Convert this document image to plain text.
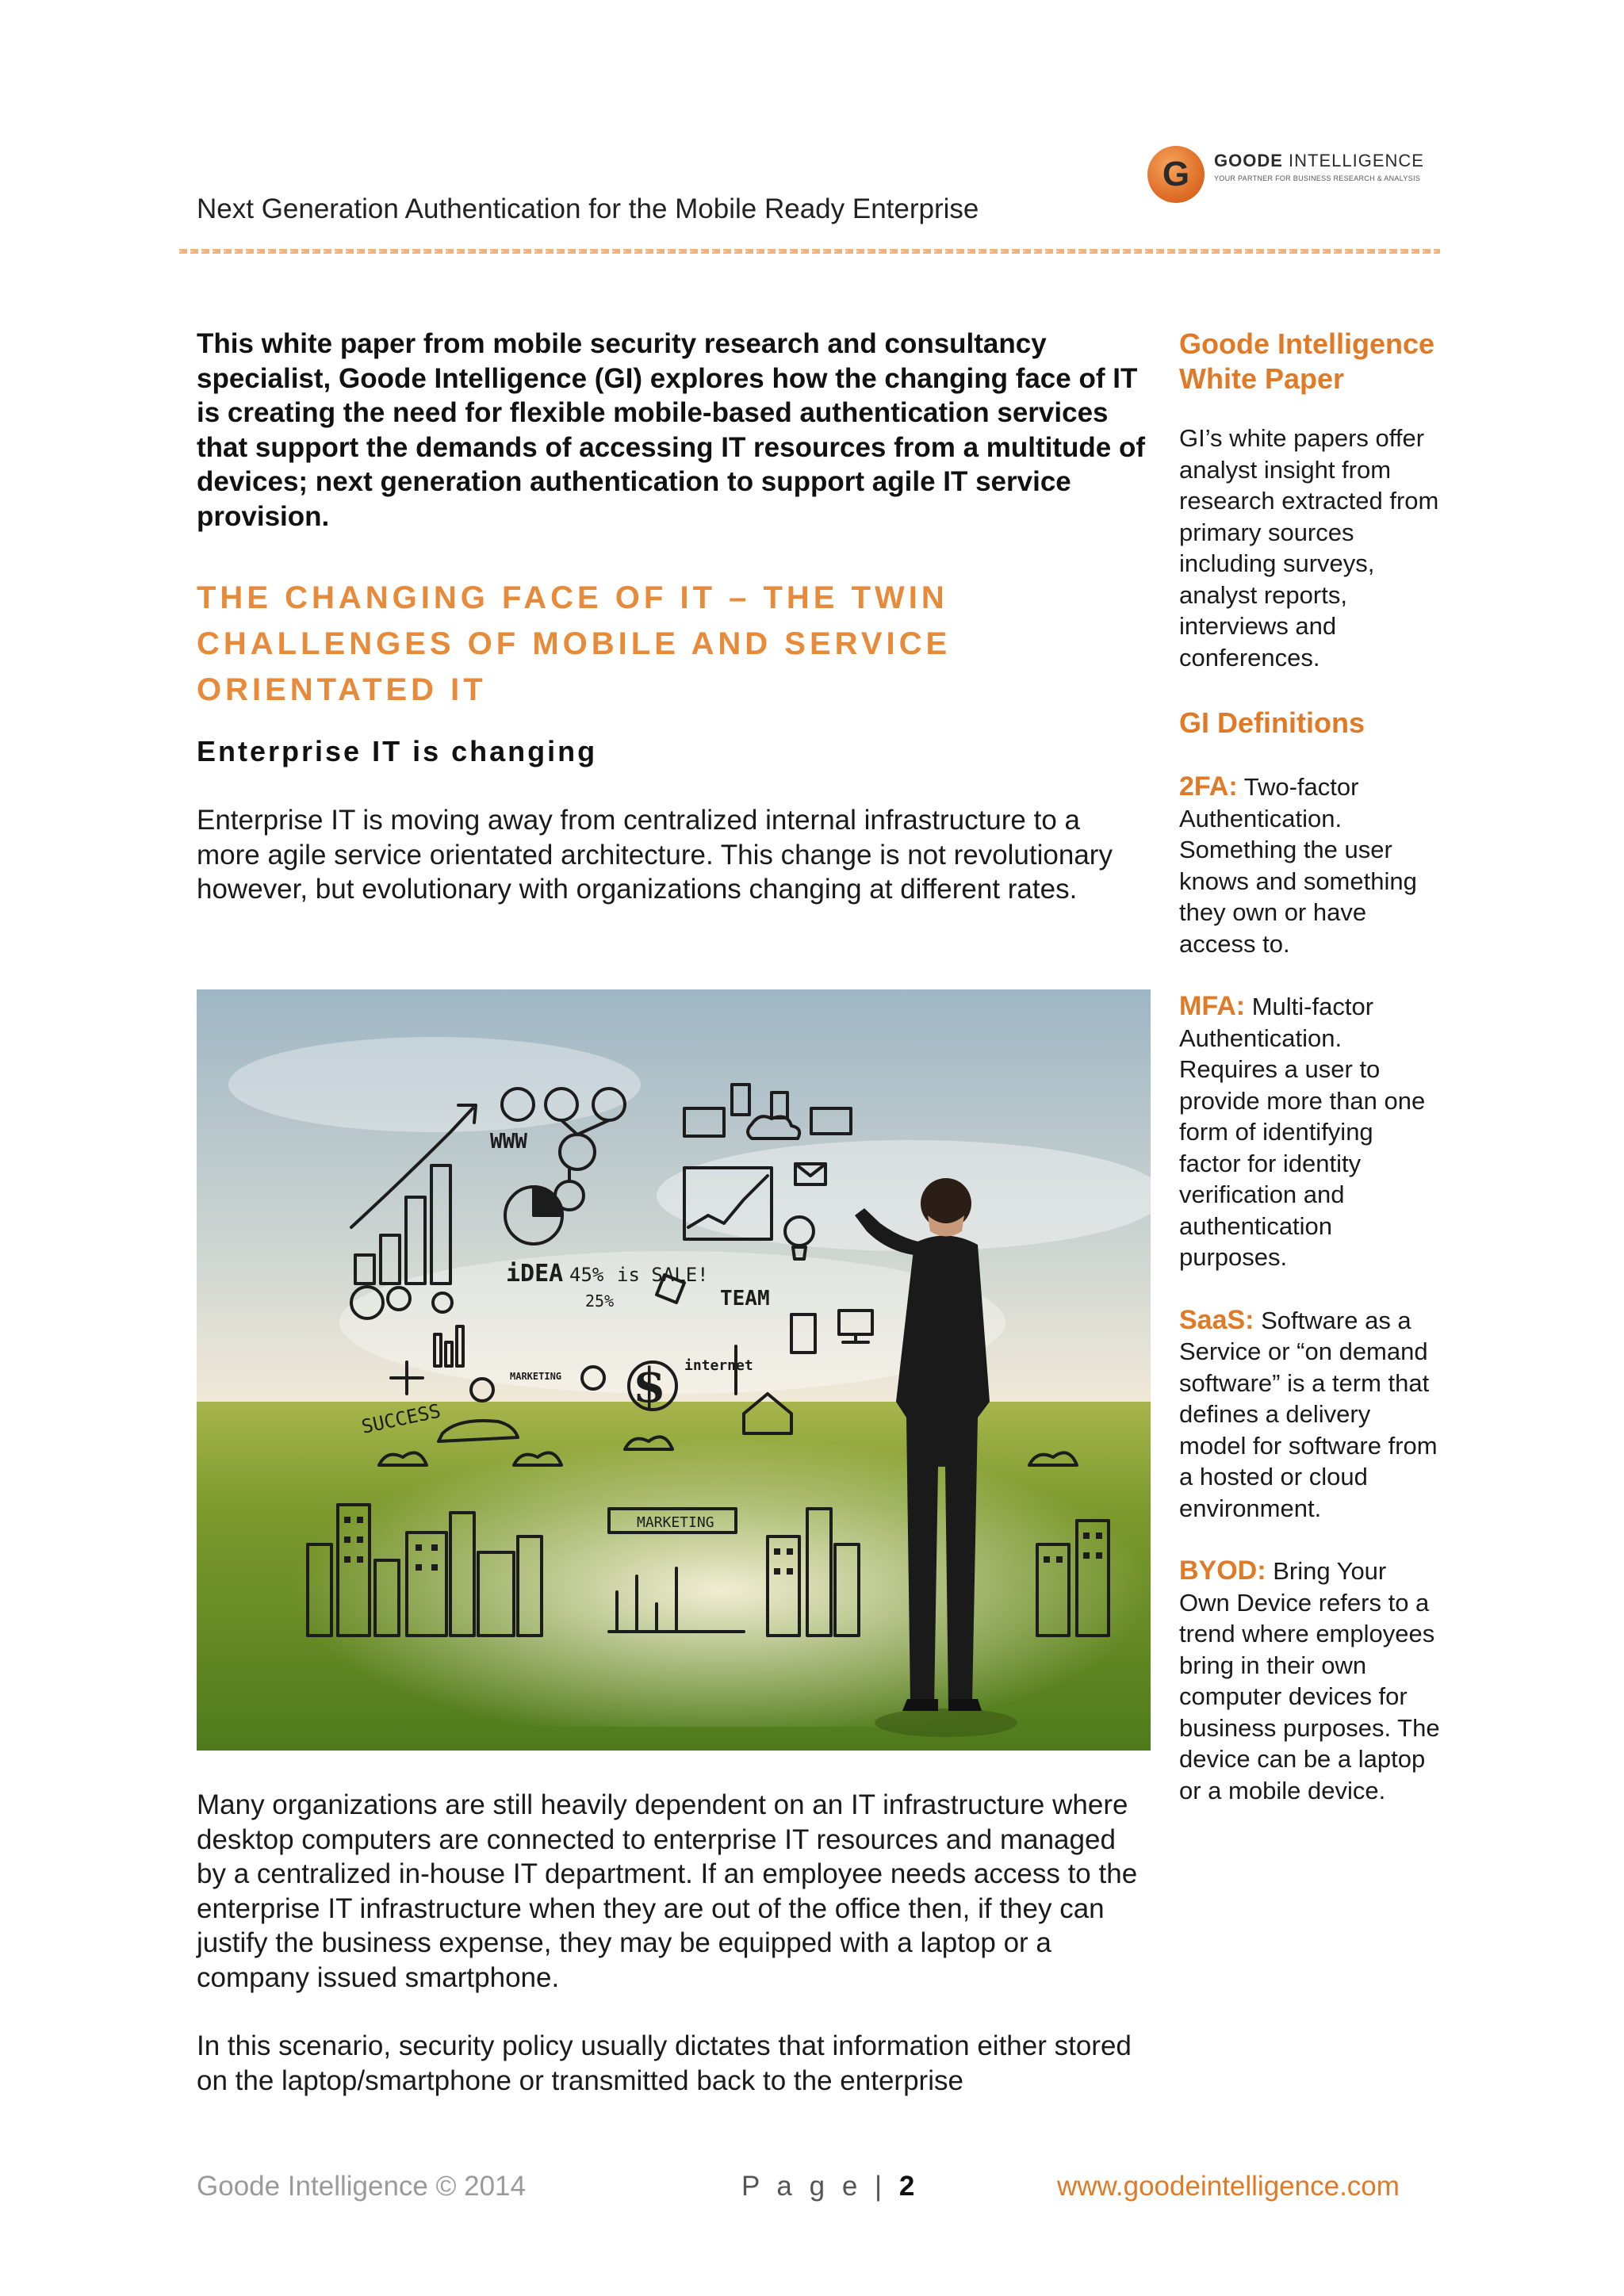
G GOODE INTELLIGENCE
YOUR PARTNER FOR BUSINESS RESEARCH & ANALYSIS
Next Generation Authentication for the Mobile Ready Enterprise

This white paper from mobile security research and consultancy specialist, Goode Intelligence (GI) explores how the changing face of IT is creating the need for flexible mobile-based authentication services that support the demands of accessing IT resources from a multitude of devices; next generation authentication to support agile IT service provision.

THE CHANGING FACE OF IT – THE TWIN CHALLENGES OF MOBILE AND SERVICE ORIENTATED IT
Enterprise IT is changing

Enterprise IT is moving away from centralized internal infrastructure to a more agile service orientated architecture. This change is not revolutionary however, but evolutionary with organizations changing at different rates.

WWW
iDEA 45% is SALE!
25%	TEAM
internet
MARKETING
SUCCESS
$
MARKETING

Many organizations are still heavily dependent on an IT infrastructure where desktop computers are connected to enterprise IT resources and managed by a centralized in-house IT department. If an employee needs access to the enterprise IT infrastructure when they are out of the office then, if they can justify the business expense, they may be equipped with a laptop or a company issued smartphone.

In this scenario, security policy usually dictates that information either stored on the laptop/smartphone or transmitted back to the enterprise

Goode Intelligence White Paper

GI’s white papers offer analyst insight from research extracted from primary sources including surveys, analyst reports, interviews and conferences.

GI Definitions
2FA: Two-factor Authentication. Something the user knows and something they own or have access to.
MFA: Multi-factor Authentication. Requires a user to provide more than one form of identifying factor for identity verification and authentication purposes.
SaaS: Software as a Service or “on demand software” is a term that defines a delivery model for software from a hosted or cloud environment.
BYOD: Bring Your Own Device refers to a trend where employees bring in their own computer devices for business purposes. The device can be a laptop or a mobile device.
Goode Intelligence © 2014	P a g e | 2	www.goodeintelligence.com
